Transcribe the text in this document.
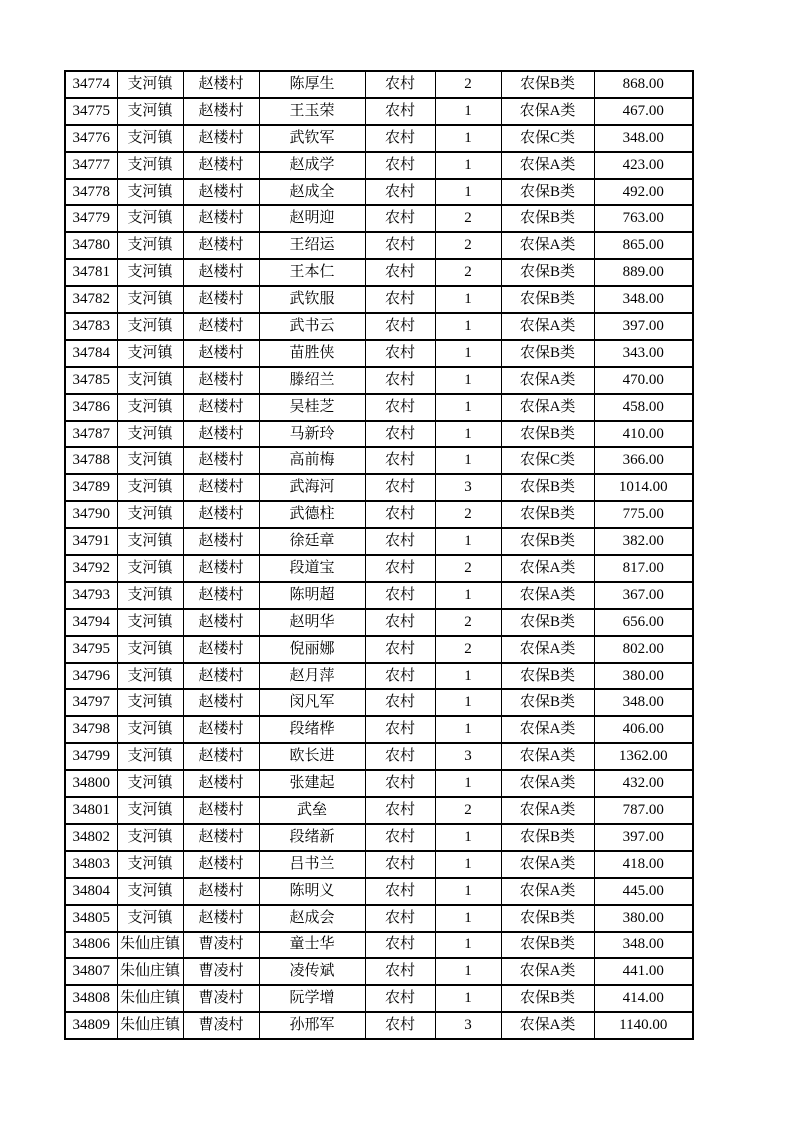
34774	支河镇	赵楼村	陈厚生	农村	2	农保B类	868.00
34775	支河镇	赵楼村	王玉荣	农村	1	农保A类	467.00
34776	支河镇	赵楼村	武钦军	农村	1	农保C类	348.00
34777	支河镇	赵楼村	赵成学	农村	1	农保A类	423.00
34778	支河镇	赵楼村	赵成全	农村	1	农保B类	492.00
34779	支河镇	赵楼村	赵明迎	农村	2	农保B类	763.00
34780	支河镇	赵楼村	王绍运	农村	2	农保A类	865.00
34781	支河镇	赵楼村	王本仁	农村	2	农保B类	889.00
34782	支河镇	赵楼村	武钦服	农村	1	农保B类	348.00
34783	支河镇	赵楼村	武书云	农村	1	农保A类	397.00
34784	支河镇	赵楼村	苗胜侠	农村	1	农保B类	343.00
34785	支河镇	赵楼村	滕绍兰	农村	1	农保A类	470.00
34786	支河镇	赵楼村	吴桂芝	农村	1	农保A类	458.00
34787	支河镇	赵楼村	马新玲	农村	1	农保B类	410.00
34788	支河镇	赵楼村	高前梅	农村	1	农保C类	366.00
34789	支河镇	赵楼村	武海河	农村	3	农保B类	1014.00
34790	支河镇	赵楼村	武德柱	农村	2	农保B类	775.00
34791	支河镇	赵楼村	徐廷章	农村	1	农保B类	382.00
34792	支河镇	赵楼村	段道宝	农村	2	农保A类	817.00
34793	支河镇	赵楼村	陈明超	农村	1	农保A类	367.00
34794	支河镇	赵楼村	赵明华	农村	2	农保B类	656.00
34795	支河镇	赵楼村	倪丽娜	农村	2	农保A类	802.00
34796	支河镇	赵楼村	赵月萍	农村	1	农保B类	380.00
34797	支河镇	赵楼村	闵凡军	农村	1	农保B类	348.00
34798	支河镇	赵楼村	段绪桦	农村	1	农保A类	406.00
34799	支河镇	赵楼村	欧长进	农村	3	农保A类	1362.00
34800	支河镇	赵楼村	张建起	农村	1	农保A类	432.00
34801	支河镇	赵楼村	武垒	农村	2	农保A类	787.00
34802	支河镇	赵楼村	段绪新	农村	1	农保B类	397.00
34803	支河镇	赵楼村	吕书兰	农村	1	农保A类	418.00
34804	支河镇	赵楼村	陈明义	农村	1	农保A类	445.00
34805	支河镇	赵楼村	赵成会	农村	1	农保B类	380.00
34806	朱仙庄镇	曹凌村	童士华	农村	1	农保B类	348.00
34807	朱仙庄镇	曹凌村	凌传斌	农村	1	农保A类	441.00
34808	朱仙庄镇	曹凌村	阮学增	农村	1	农保B类	414.00
34809	朱仙庄镇	曹凌村	孙邢军	农村	3	农保A类	1140.00
